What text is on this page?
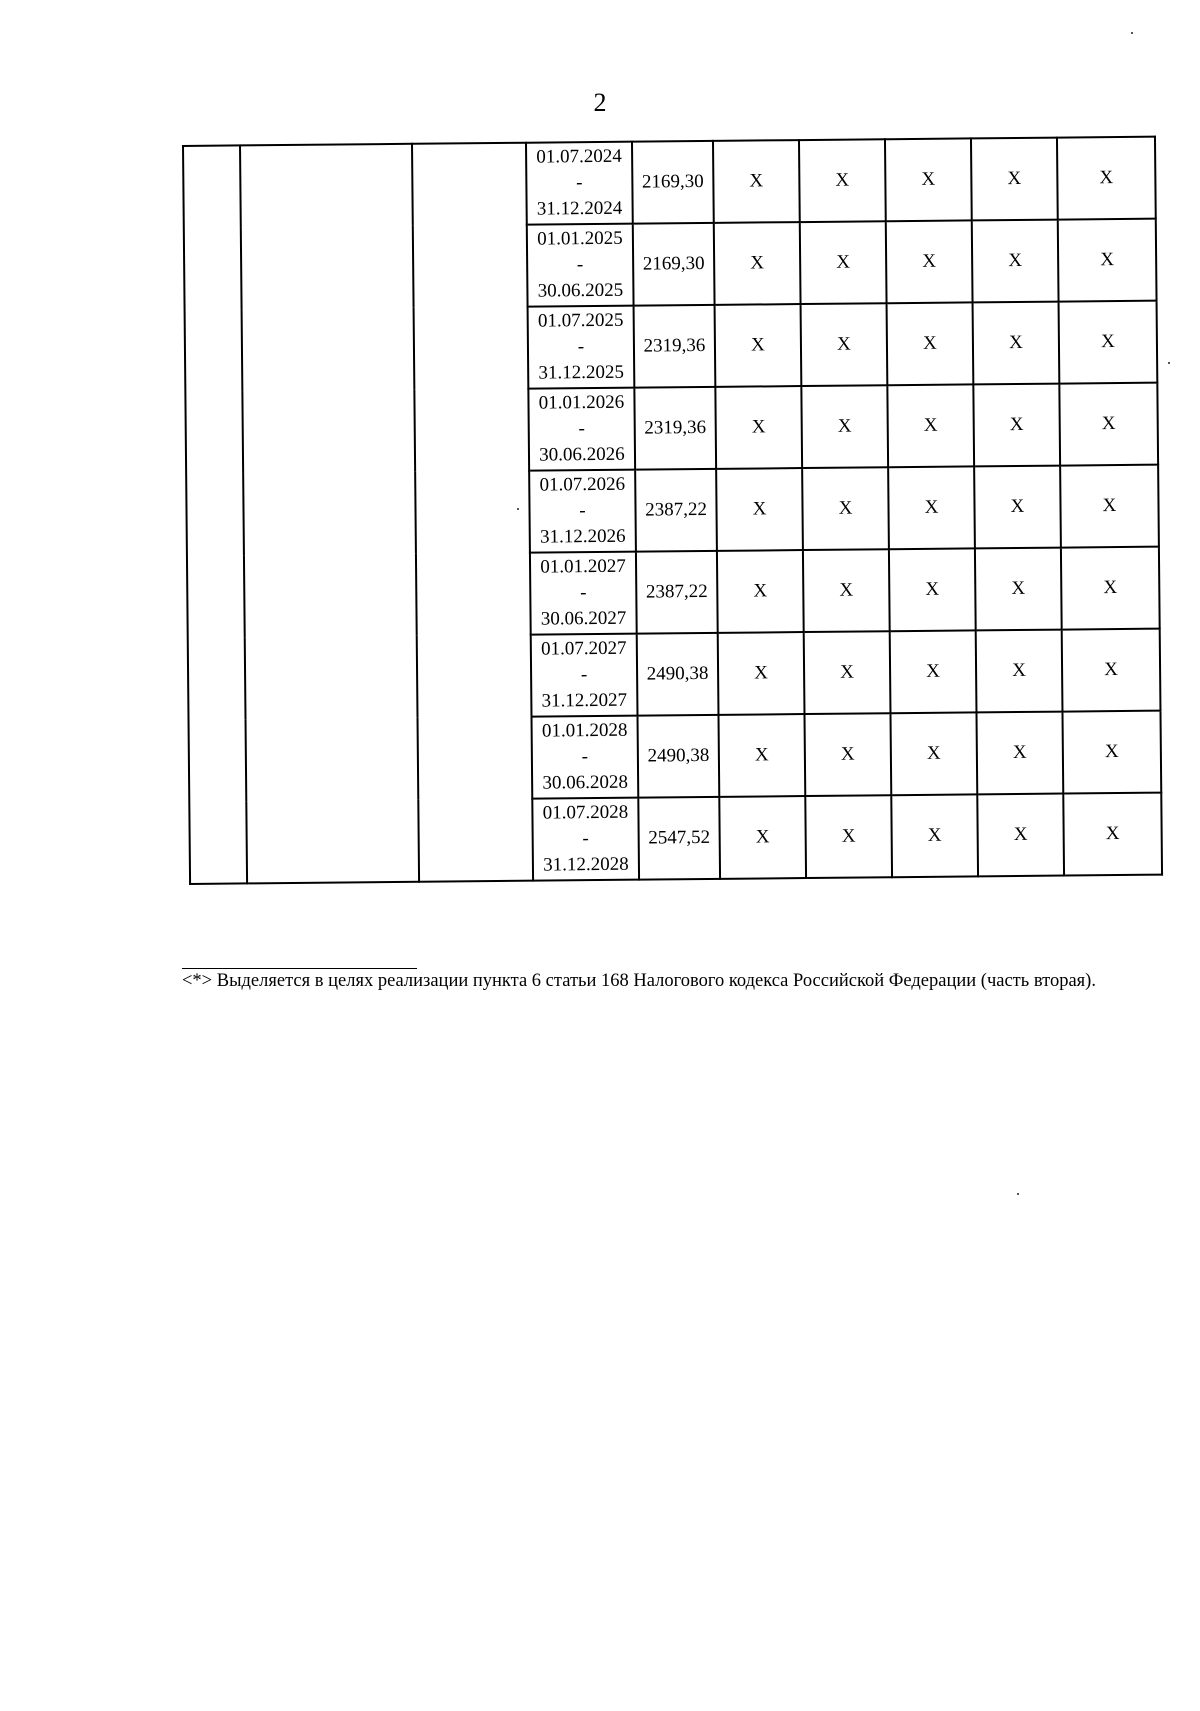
2

			01.07.2024
-
31.12.2024	2169,30	X	X	X	X	X

			01.01.2025
-
30.06.2025	2169,30	X	X	X	X	X

			01.07.2025
-
31.12.2025	2319,36	X	X	X	X	X

			01.01.2026
-
30.06.2026	2319,36	X	X	X	X	X

			01.07.2026
-
31.12.2026	2387,22	X	X	X	X	X

			01.01.2027
-
30.06.2027	2387,22	X	X	X	X	X

			01.07.2027
-
31.12.2027	2490,38	X	X	X	X	X

			01.01.2028
-
30.06.2028	2490,38	X	X	X	X	X

			01.07.2028
-
31.12.2028	2547,52	X	X	X	X	X
<*> Выделяется в целях реализации пункта 6 статьи 168 Налогового кодекса Российской Федерации (часть вторая).
